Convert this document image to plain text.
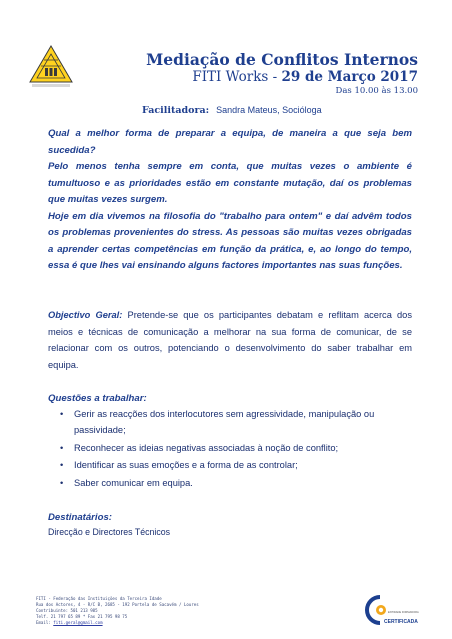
Mediação de Conflitos Internos
FITI Works - 29 de Março 2017
Das 10.00 às 13.00
Facilitadora: Sandra Mateus, Socióloga

Qual a melhor forma de preparar a equipa, de maneira a que seja bem sucedida?

Pelo menos tenha sempre em conta, que muitas vezes o ambiente é tumultuoso e as prioridades estão em constante mutação, daí os problemas que muitas vezes surgem.

Hoje em dia vivemos na filosofia do "trabalho para ontem" e daí advêm todos os problemas provenientes do stress. As pessoas são muitas vezes obrigadas a aprender certas competências em função da prática, e, ao longo do tempo, essa é que lhes vai ensinando alguns factores importantes nas suas funções.

Objectivo Geral: Pretende-se que os participantes debatam e reflitam acerca dos meios e técnicas de comunicação a melhorar na sua forma de comunicar, de se relacionar com os outros, potenciando o desenvolvimento do saber trabalhar em equipa.
Questões a trabalhar:
• Gerir as reacções dos interlocutores sem agressividade, manipulação ou passividade;
• Reconhecer as ideias negativas associadas à noção de conflito;
• Identificar as suas emoções e a forma de as controlar;
• Saber comunicar em equipa.
Destinatários:
Direcção e Directores Técnicos
FITI - Federação das Instituições da Terceira Idade
Rua dos Actores, 4 - R/C B, 2685 - 192 Portela de Sacavém / Loures
Contribuinte: 501 213 985
Telf. 21 797 65 89 * Fax 21 795 98 75
Email: fiti.geral@gmail.com
ENTIDADE FORMADORA
CERTIFICADA
